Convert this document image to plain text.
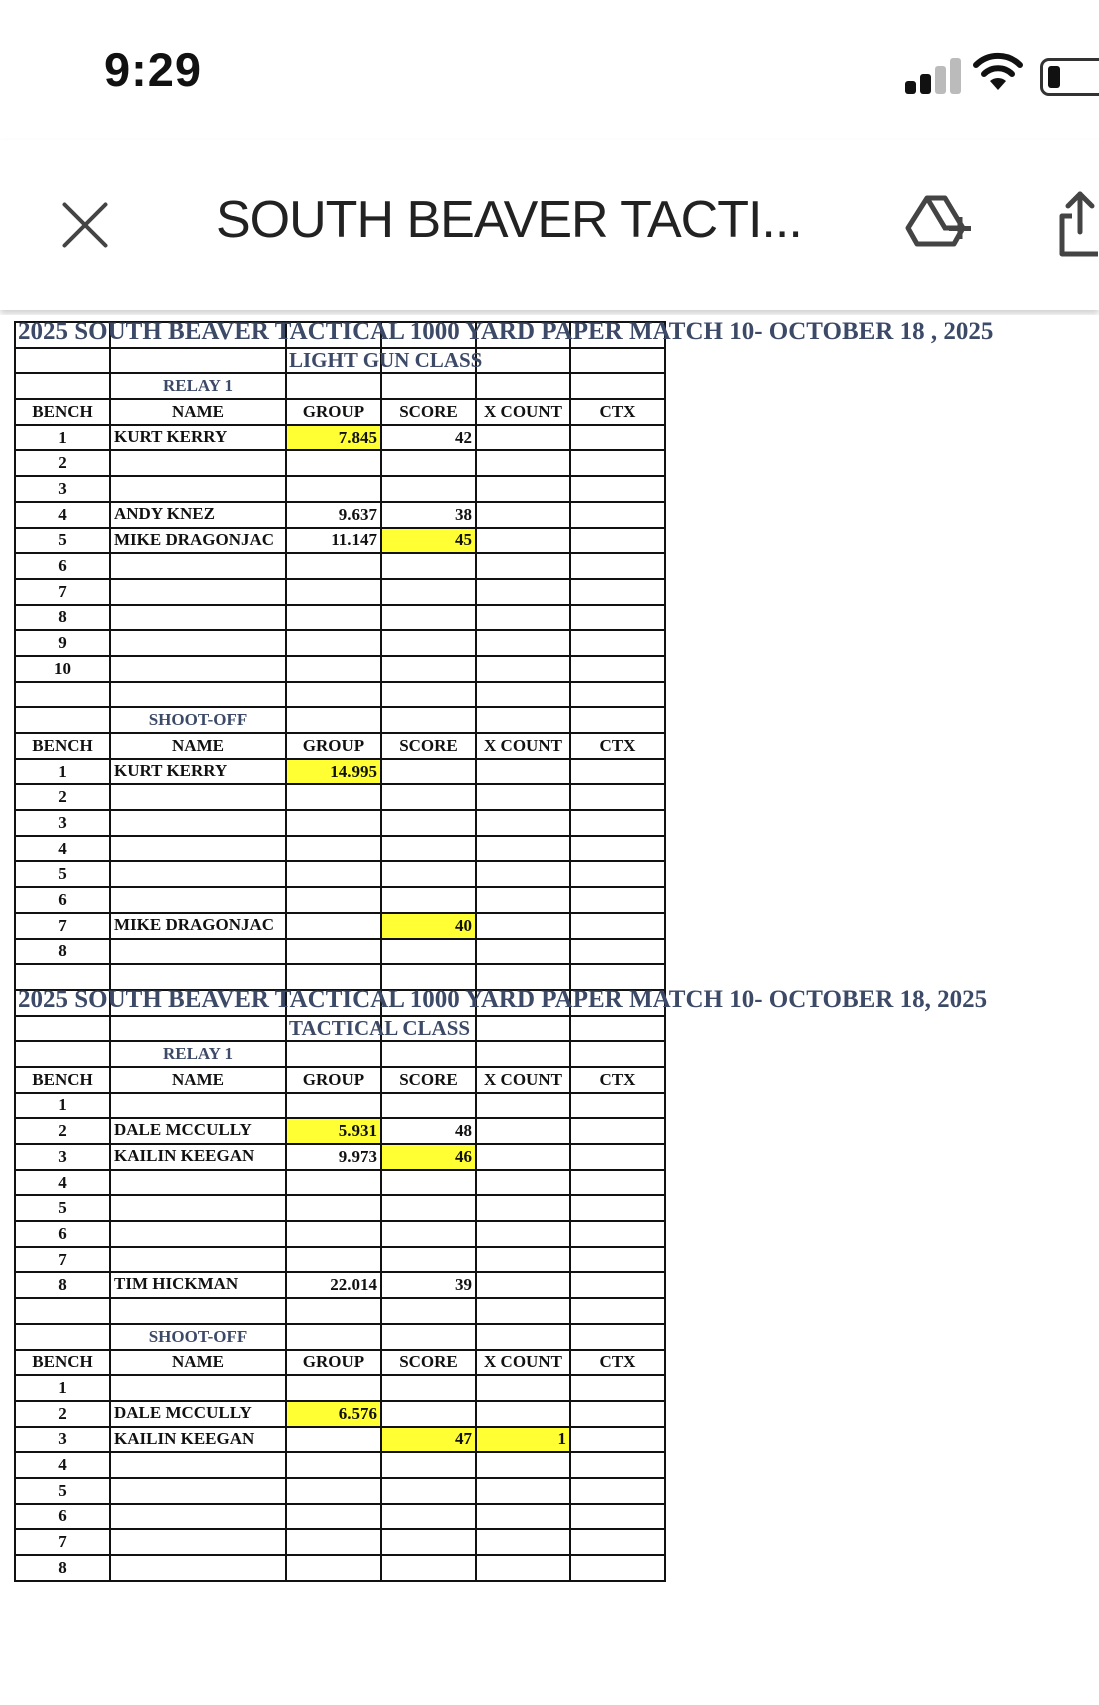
9:29
SOUTH BEAVER TACTI...
2025 SOUTH BEAVER TACTICAL 1000 YARD PAPER MATCH 10- OCTOBER 18 , 2025					

		LIGHT GUN CLASS			

	RELAY 1				
BENCH	NAME	GROUP	SCORE	X COUNT	CTX
1	KURT KERRY	7.845	42		
2	

3	

4	ANDY KNEZ	9.637	38		
5	MIKE DRAGONJAC	11.147	45		
6	

7	

8	

9	

10	

	SHOOT-OFF				
BENCH	NAME	GROUP	SCORE	X COUNT	CTX
1	KURT KERRY	14.995			
2	

3	

4	

5	

6	

7	MIKE DRAGONJAC		40		
8	

2025 SOUTH BEAVER TACTICAL 1000 YARD PAPER MATCH 10- OCTOBER 18, 2025					

		TACTICAL CLASS			

	RELAY 1				
BENCH	NAME	GROUP	SCORE	X COUNT	CTX
1	

2	DALE MCCULLY	5.931	48		
3	KAILIN KEEGAN	9.973	46		
4	

5	

6	

7	

8	TIM HICKMAN	22.014	39		

	SHOOT-OFF				
BENCH	NAME	GROUP	SCORE	X COUNT	CTX
1	

2	DALE MCCULLY	6.576			
3	KAILIN KEEGAN		47	1	
4	

5	

6	

7	

8	
